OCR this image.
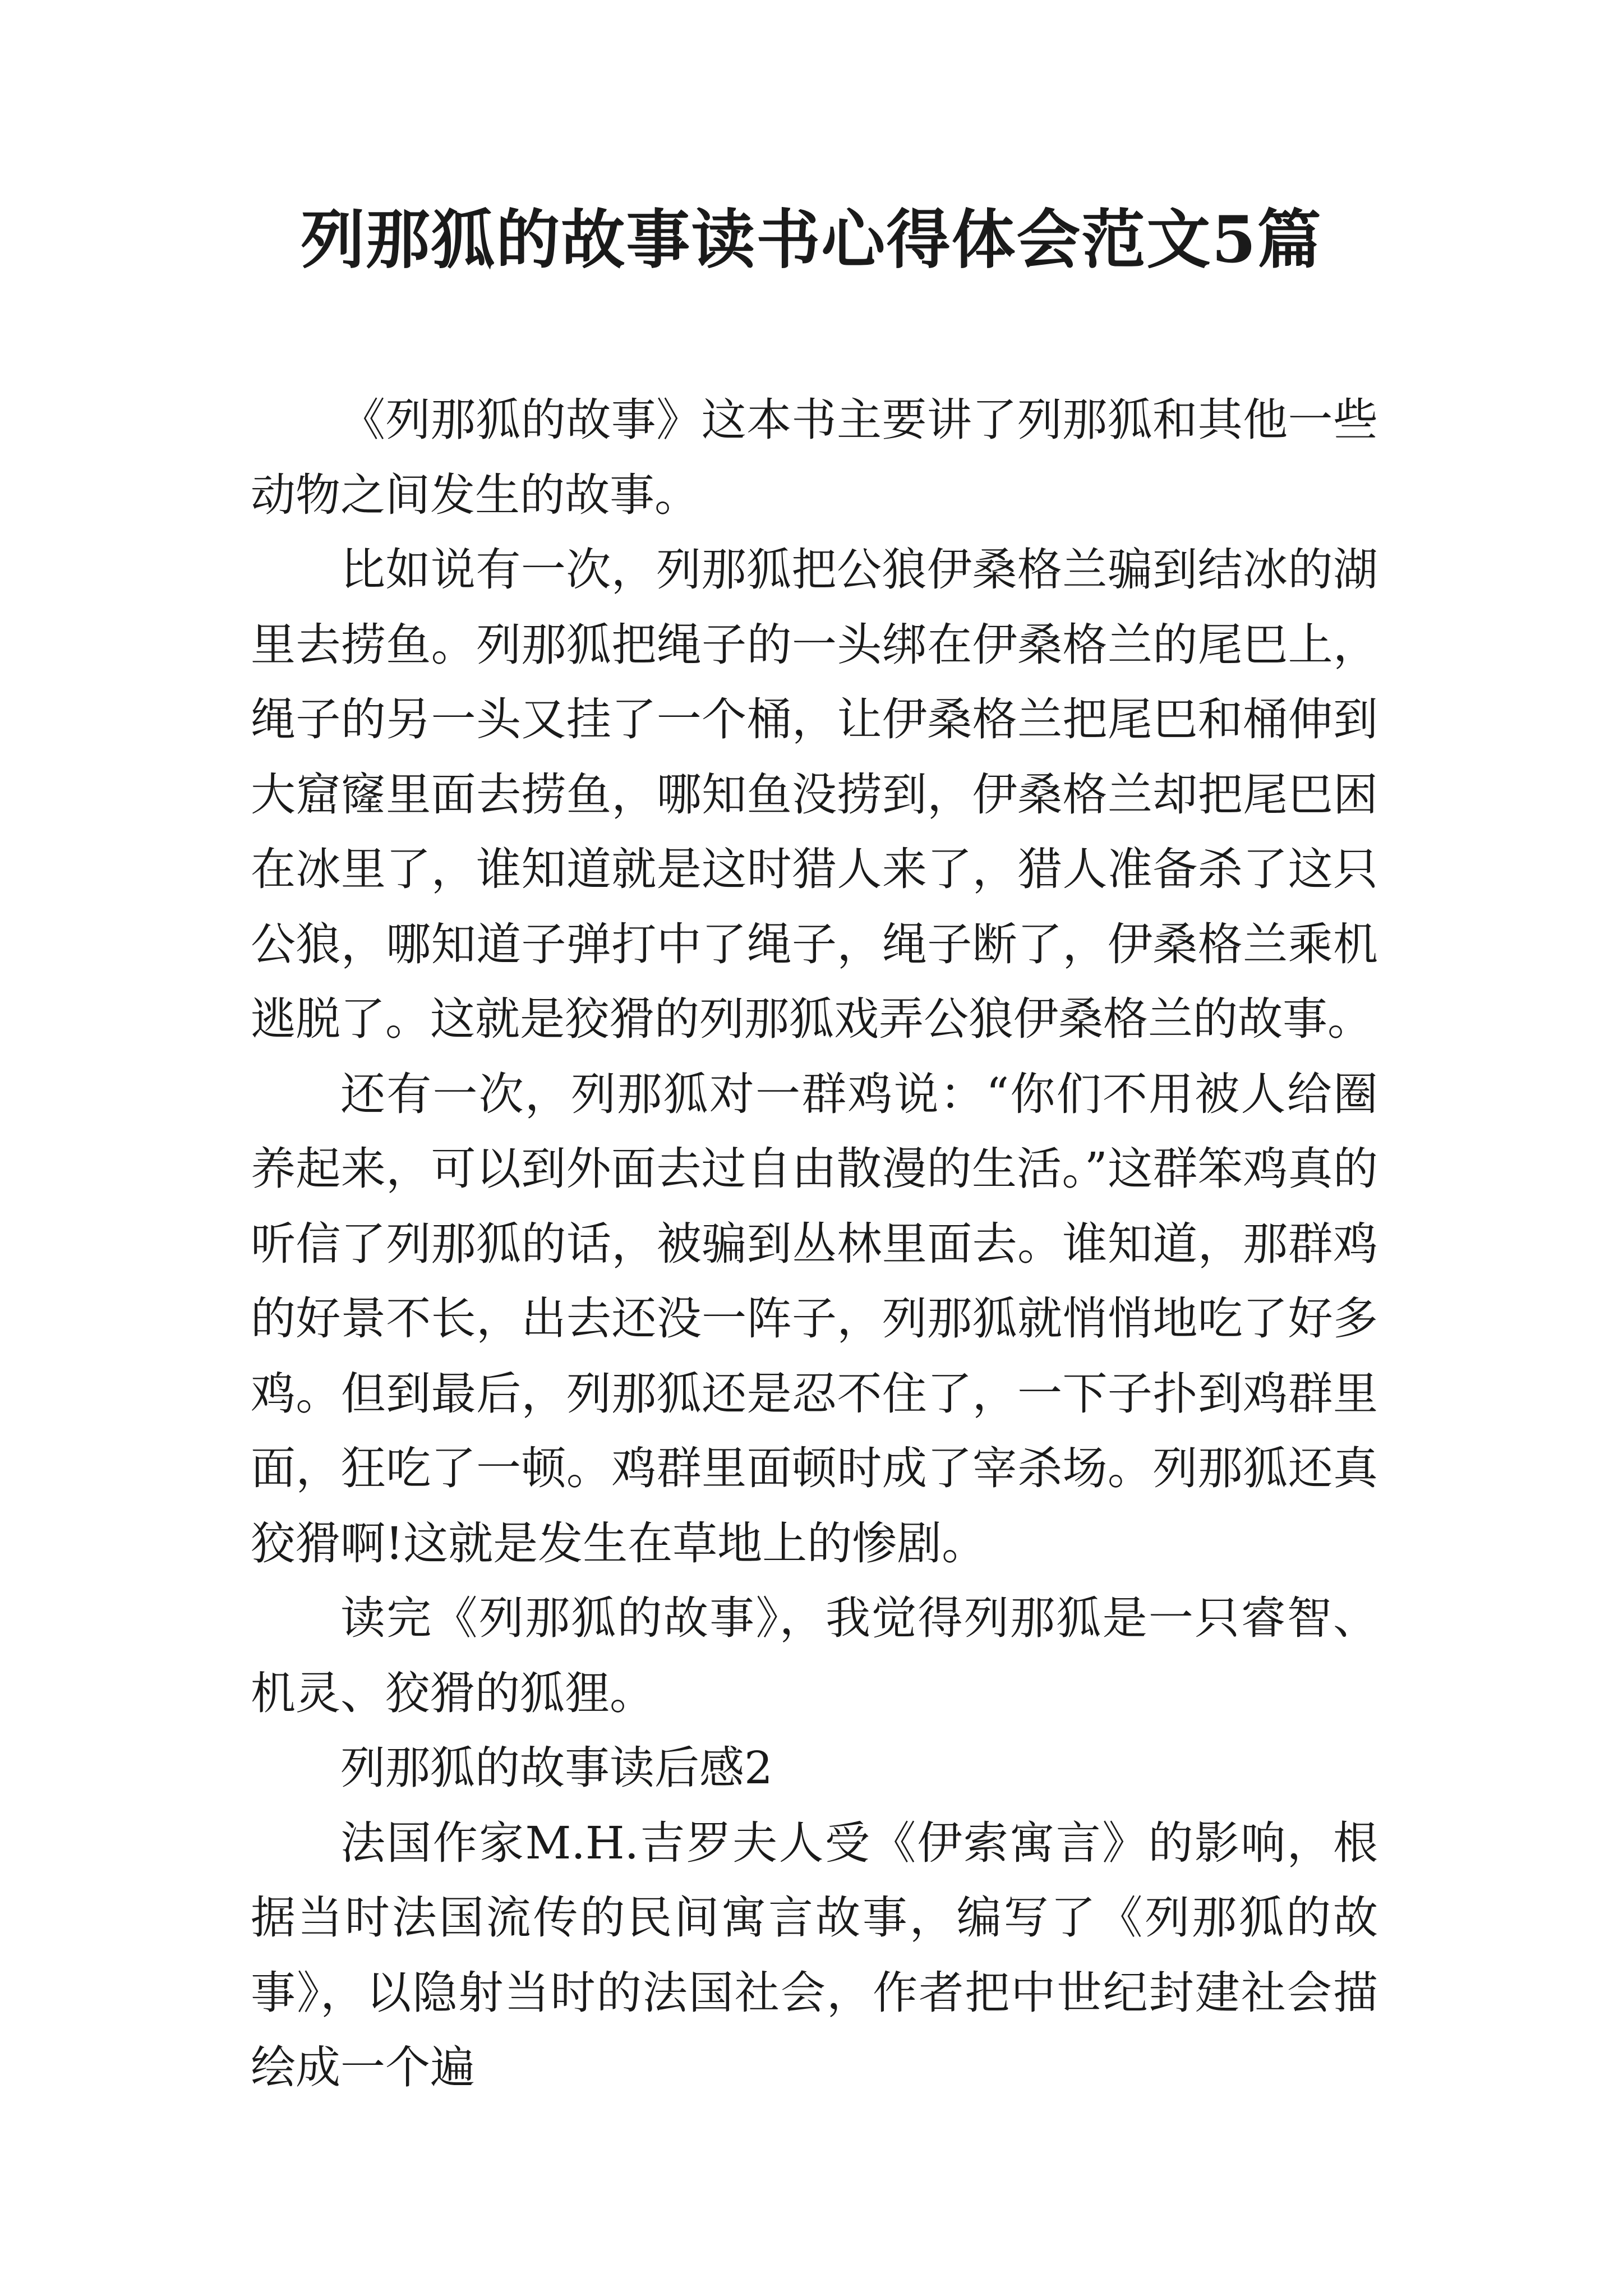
列那狐的故事读书心得体会范文5篇

《列那狐的故事》这本书主要讲了列那狐和其他一些动物之间发生的故事。

比如说有一次，列那狐把公狼伊桑格兰骗到结冰的湖里去捞鱼。列那狐把绳子的一头绑在伊桑格兰的尾巴上，绳子的另一头又挂了一个桶，让伊桑格兰把尾巴和桶伸到大窟窿里面去捞鱼，哪知鱼没捞到，伊桑格兰却把尾巴困在冰里了，谁知道就是这时猎人来了，猎人准备杀了这只公狼，哪知道子弹打中了绳子，绳子断了，伊桑格兰乘机逃脱了。这就是狡猾的列那狐戏弄公狼伊桑格兰的故事。

还有一次，列那狐对一群鸡说：“你们不用被人给圈养起来，可以到外面去过自由散漫的生活。”这群笨鸡真的听信了列那狐的话，被骗到丛林里面去。谁知道，那群鸡的好景不长，出去还没一阵子，列那狐就悄悄地吃了好多鸡。但到最后，列那狐还是忍不住了，一下子扑到鸡群里面，狂吃了一顿。鸡群里面顿时成了宰杀场。列那狐还真狡猾啊!这就是发生在草地上的惨剧。

读完《列那狐的故事》，我觉得列那狐是一只睿智、机灵、狡猾的狐狸。

列那狐的故事读后感2

法国作家M.H.吉罗夫人受《伊索寓言》的影响，根据当时法国流传的民间寓言故事，编写了《列那狐的故事》，以隐射当时的法国社会，作者把中世纪封建社会描绘成一个遍
